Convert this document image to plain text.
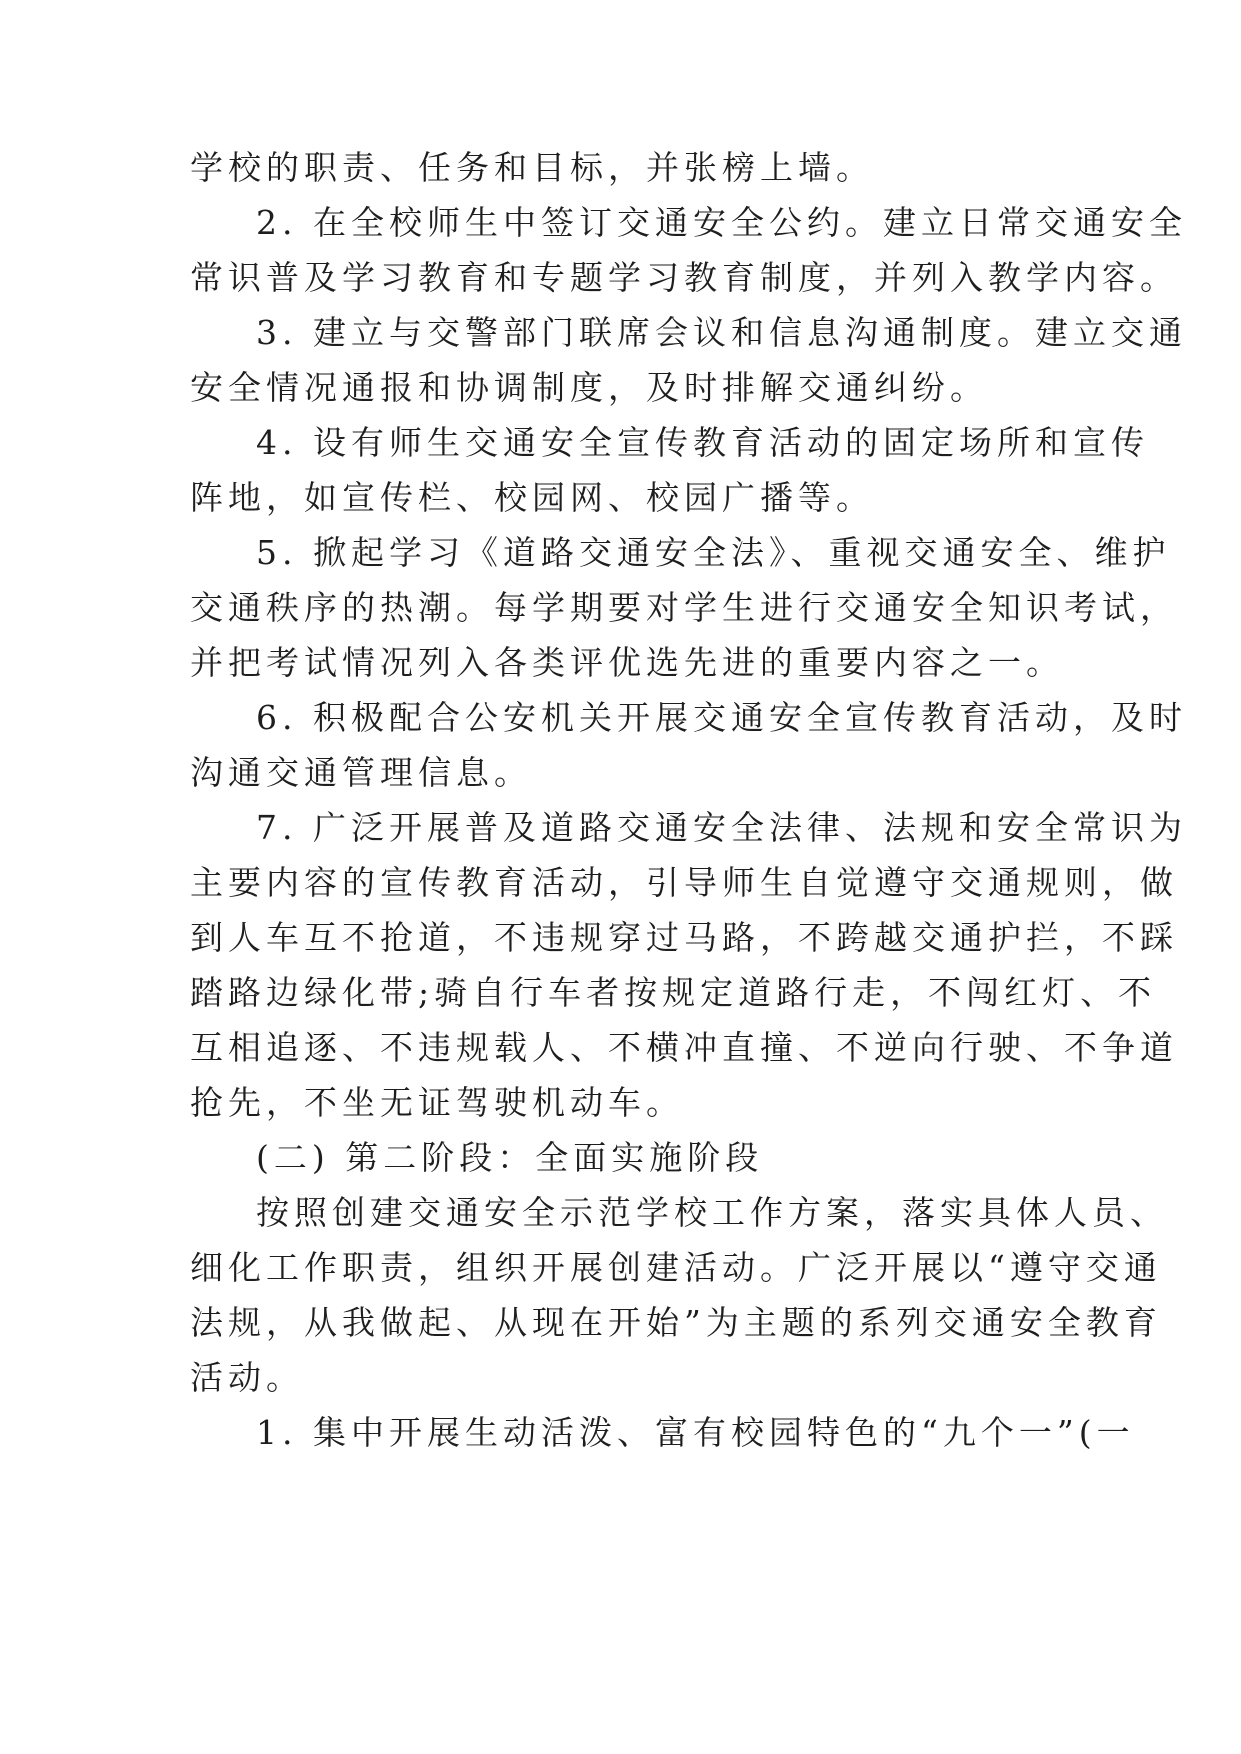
学校的职责、任务和目标，并张榜上墙。

2. 在全校师生中签订交通安全公约。建立日常交通安全

常识普及学习教育和专题学习教育制度，并列入教学内容。

3. 建立与交警部门联席会议和信息沟通制度。建立交通

安全情况通报和协调制度，及时排解交通纠纷。

4. 设有师生交通安全宣传教育活动的固定场所和宣传

阵地，如宣传栏、校园网、校园广播等。

5. 掀起学习《道路交通安全法》、重视交通安全、维护

交通秩序的热潮。每学期要对学生进行交通安全知识考试，

并把考试情况列入各类评优选先进的重要内容之一。

6. 积极配合公安机关开展交通安全宣传教育活动，及时

沟通交通管理信息。

7. 广泛开展普及道路交通安全法律、法规和安全常识为

主要内容的宣传教育活动，引导师生自觉遵守交通规则，做

到人车互不抢道，不违规穿过马路，不跨越交通护拦，不踩

踏路边绿化带;骑自行车者按规定道路行走，不闯红灯、不

互相追逐、不违规载人、不横冲直撞、不逆向行驶、不争道

抢先，不坐无证驾驶机动车。

(二) 第二阶段：全面实施阶段

按照创建交通安全示范学校工作方案，落实具体人员、

细化工作职责，组织开展创建活动。广泛开展以“遵守交通

法规，从我做起、从现在开始”为主题的系列交通安全教育

活动。

1. 集中开展生动活泼、富有校园特色的“九个一”(一
